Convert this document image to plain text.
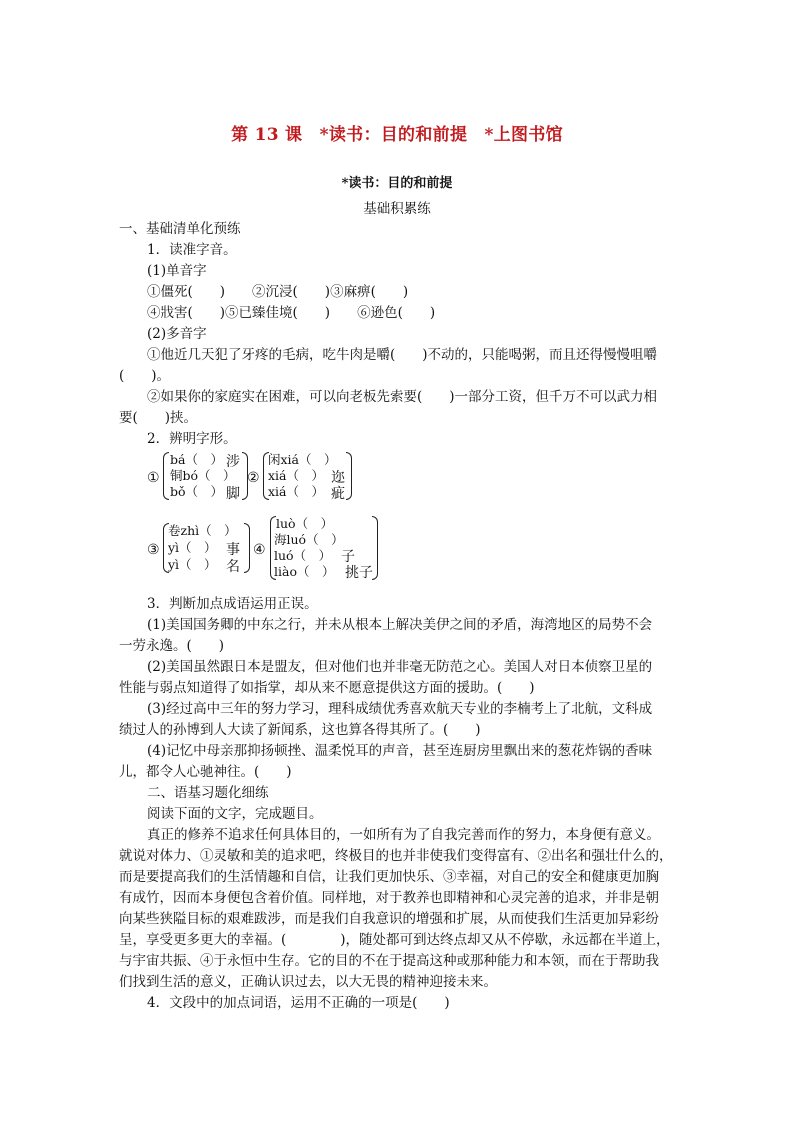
第 13 课　*读书：目的和前提　*上图书馆
*读书：目的和前提
基础积累练
一、基础清单化预练
1．读准字音。
(1)单音字
①僵死(　　)　　②沉浸(　　)③麻痹(　　)
④戕害(　　)⑤已臻佳境(　　)　　⑥逊色(　　)
(2)多音字
①他近几天犯了牙疼的毛病，吃牛肉是嚼(　　)不动的，只能喝粥，而且还得慢慢咀嚼
(　　)。
②如果你的家庭实在困难，可以向老板先索要(　　)一部分工资，但千万不可以武力相
要(　　)挟。
2．辨明字形。
①
bá（　）
铜bó（　）
bǒ（　）
涉
脚
②
闲xiá（　）
xiá（　）
xiá（　）
迩
疵
③
卷zhì（　）
yì（　）
yì（　）
事
名
④
luò（　）
海luó（　）
luó（　）
liào（　）
子
挑子
3．判断加点成语运用正误。
(1)美国国务卿的中东之行，并未从根本上解决美伊之间的矛盾，海湾地区的局势不会
一劳永逸。(　　)
(2)美国虽然跟日本是盟友，但对他们也并非毫无防范之心。美国人对日本侦察卫星的
性能与弱点知道得了如指掌，却从来不愿意提供这方面的援助。(　　)
(3)经过高中三年的努力学习，理科成绩优秀喜欢航天专业的李楠考上了北航，文科成
绩过人的孙博到人大读了新闻系，这也算各得其所了。(　　)
(4)记忆中母亲那抑扬顿挫、温柔悦耳的声音，甚至连厨房里飘出来的葱花炸锅的香味
儿，都令人心驰神往。(　　)
二、语基习题化细练
阅读下面的文字，完成题目。
真正的修养不追求任何具体目的，一如所有为了自我完善而作的努力，本身便有意义。
就说对体力、①灵敏和美的追求吧，终极目的也并非使我们变得富有、②出名和强壮什么的，
而是要提高我们的生活情趣和自信，让我们更加快乐、③幸福，对自己的安全和健康更加胸
有成竹，因而本身便包含着价值。同样地，对于教养也即精神和心灵完善的追求，并非是朝
向某些狭隘目标的艰难跋涉，而是我们自我意识的增强和扩展，从而使我们生活更加异彩纷
呈，享受更多更大的幸福。(　　　　)，随处都可到达终点却又从不停歇，永远都在半道上，
与宇宙共振、④于永恒中生存。它的目的不在于提高这种或那种能力和本领，而在于帮助我
们找到生活的意义，正确认识过去，以大无畏的精神迎接未来。
4．文段中的加点词语，运用不正确的一项是(　　)
